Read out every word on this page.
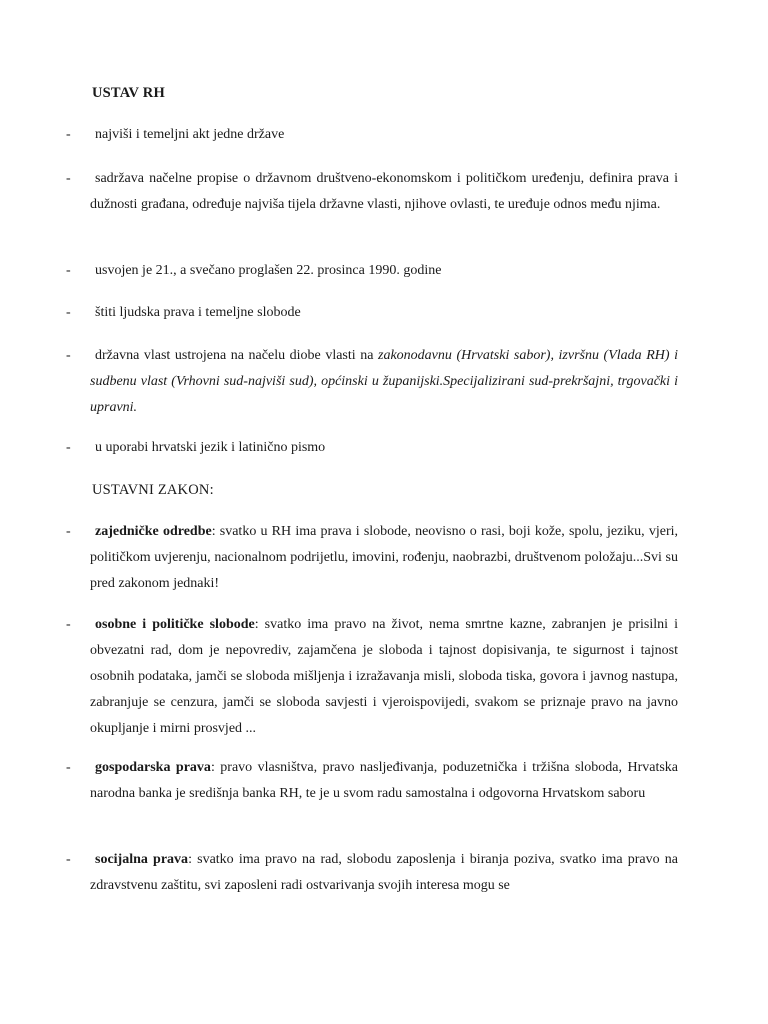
USTAV RH
-	najviši i temeljni akt jedne države
-	sadržava načelne propise o državnom društveno-ekonomskom i političkom uređenju, definira prava i dužnosti građana, određuje najviša tijela državne vlasti, njihove ovlasti, te uređuje odnos među njima.
-	usvojen je 21., a svečano proglašen 22. prosinca 1990. godine
-	štiti ljudska prava i temeljne slobode
-	državna vlast ustrojena na načelu diobe vlasti na zakonodavnu (Hrvatski sabor), izvršnu (Vlada RH) i sudbenu vlast (Vrhovni sud-najviši sud), općinski u županijski.Specijalizirani sud-prekršajni, trgovački i upravni.
-	u uporabi hrvatski jezik i latinično pismo
USTAVNI ZAKON:
-	zajedničke odredbe: svatko u RH ima prava i slobode, neovisno o rasi, boji kože, spolu, jeziku, vjeri, političkom uvjerenju, nacionalnom podrijetlu, imovini, rođenju, naobrazbi, društvenom položaju...Svi su pred zakonom jednaki!
-	osobne i političke slobode: svatko ima pravo na život, nema smrtne kazne, zabranjen je prisilni i obvezatni rad, dom je nepovrediv, zajamčena je sloboda i tajnost dopisivanja, te sigurnost i tajnost osobnih podataka, jamči se sloboda mišljenja i izražavanja misli, sloboda tiska, govora i javnog nastupa, zabranjuje se cenzura, jamči se sloboda savjesti i vjeroispovijedi, svakom se priznaje pravo na javno okupljanje i mirni prosvjed ...
-	gospodarska prava: pravo vlasništva, pravo nasljeđivanja, poduzetnička i tržišna sloboda, Hrvatska narodna banka je središnja banka RH, te je u svom radu samostalna i odgovorna Hrvatskom saboru
-	socijalna prava: svatko ima pravo na rad, slobodu zaposlenja i biranja poziva, svatko ima pravo na zdravstvenu zaštitu, svi zaposleni radi ostvarivanja svojih interesa mogu se
